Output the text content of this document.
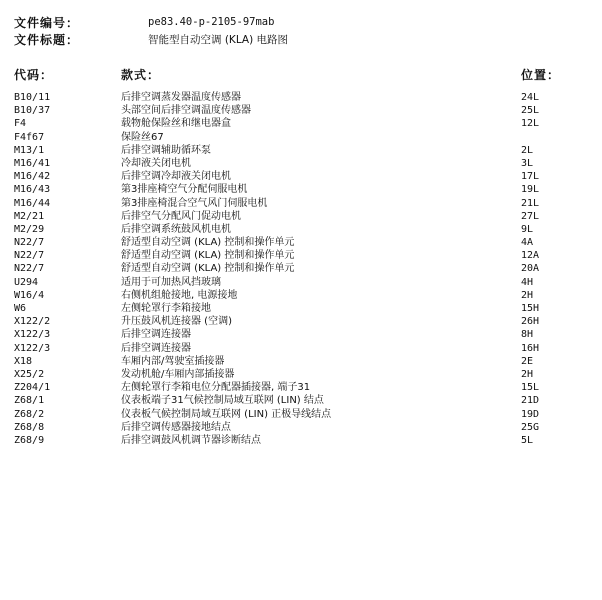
文件编号：	pe83.40-p-2105-97mab
文件标题：	智能型自动空调 (KLA) 电路图
代码：	款式：	位置：
B10/11	后排空调蒸发器温度传感器	24L
B10/37	头部空间后排空调温度传感器	25L
F4	载物舱保险丝和继电器盒	12L
F4f67	保险丝67
M13/1	后排空调辅助循环泵	2L
M16/41	冷却液关闭电机	3L
M16/42	后排空调冷却液关闭电机	17L
M16/43	第3排座椅空气分配伺服电机	19L
M16/44	第3排座椅混合空气风门伺服电机	21L
M2/21	后排空气分配风门促动电机	27L
M2/29	后排空调系统鼓风机电机	9L
N22/7	舒适型自动空调 (KLA) 控制和操作单元	4A
N22/7	舒适型自动空调 (KLA) 控制和操作单元	12A
N22/7	舒适型自动空调 (KLA) 控制和操作单元	20A
U294	适用于可加热风挡玻璃	4H
W16/4	右侧机组舱接地, 电源接地	2H
W6	左侧轮罩行李箱接地	15H
X122/2	升压鼓风机连接器 (空调)	26H
X122/3	后排空调连接器	8H
X122/3	后排空调连接器	16H
X18	车厢内部/驾驶室插接器	2E
X25/2	发动机舱/车厢内部插接器	2H
Z204/1	左侧轮罩行李箱电位分配器插接器, 端子31	15L
Z68/1	仪表板端子31气候控制局域互联网 (LIN) 结点	21D
Z68/2	仪表板气候控制局域互联网 (LIN) 正极导线结点	19D
Z68/8	后排空调传感器接地结点	25G
Z68/9	后排空调鼓风机调节器诊断结点	5L
